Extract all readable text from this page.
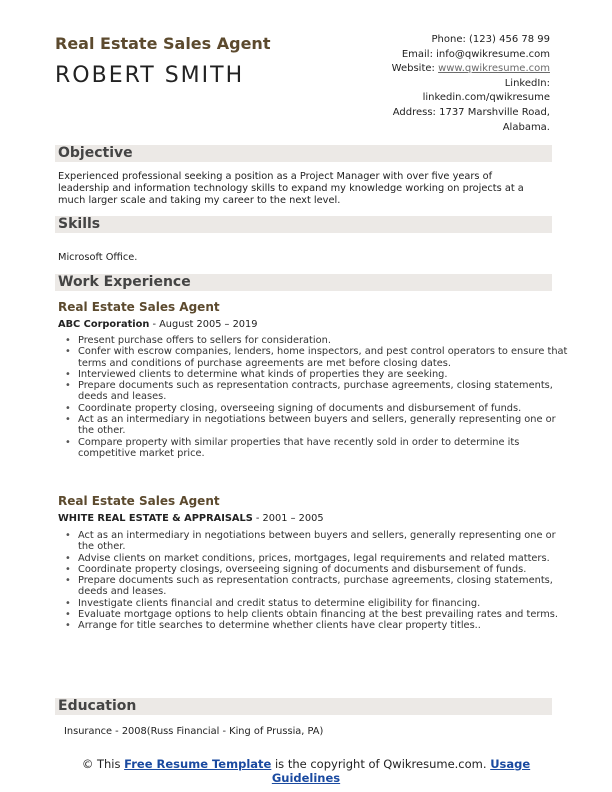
Real Estate Sales Agent
ROBERT SMITH
Phone: (123) 456 78 99
Email: info@qwikresume.com
Website: www.qwikresume.com
LinkedIn:
linkedin.com/qwikresume
Address: 1737 Marshville Road,
Alabama.
Objective
Experienced professional seeking a position as a Project Manager with over five years of leadership and information technology skills to expand my knowledge working on projects at a much larger scale and taking my career to the next level.
Skills
Microsoft Office.
Work Experience
Real Estate Sales Agent
ABC Corporation - August 2005 – 2019
• Present purchase offers to sellers for consideration.
• Confer with escrow companies, lenders, home inspectors, and pest control operators to ensure that terms and conditions of purchase agreements are met before closing dates.
• Interviewed clients to determine what kinds of properties they are seeking.
• Prepare documents such as representation contracts, purchase agreements, closing statements, deeds and leases.
• Coordinate property closing, overseeing signing of documents and disbursement of funds.
• Act as an intermediary in negotiations between buyers and sellers, generally representing one or the other.
• Compare property with similar properties that have recently sold in order to determine its competitive market price.
Real Estate Sales Agent
WHITE REAL ESTATE & APPRAISALS - 2001 – 2005
• Act as an intermediary in negotiations between buyers and sellers, generally representing one or the other.
• Advise clients on market conditions, prices, mortgages, legal requirements and related matters.
• Coordinate property closings, overseeing signing of documents and disbursement of funds.
• Prepare documents such as representation contracts, purchase agreements, closing statements, deeds and leases.
• Investigate clients financial and credit status to determine eligibility for financing.
• Evaluate mortgage options to help clients obtain financing at the best prevailing rates and terms.
• Arrange for title searches to determine whether clients have clear property titles..
Education
Insurance - 2008(Russ Financial - King of Prussia, PA)
© This Free Resume Template is the copyright of Qwikresume.com. Usage
Guidelines
